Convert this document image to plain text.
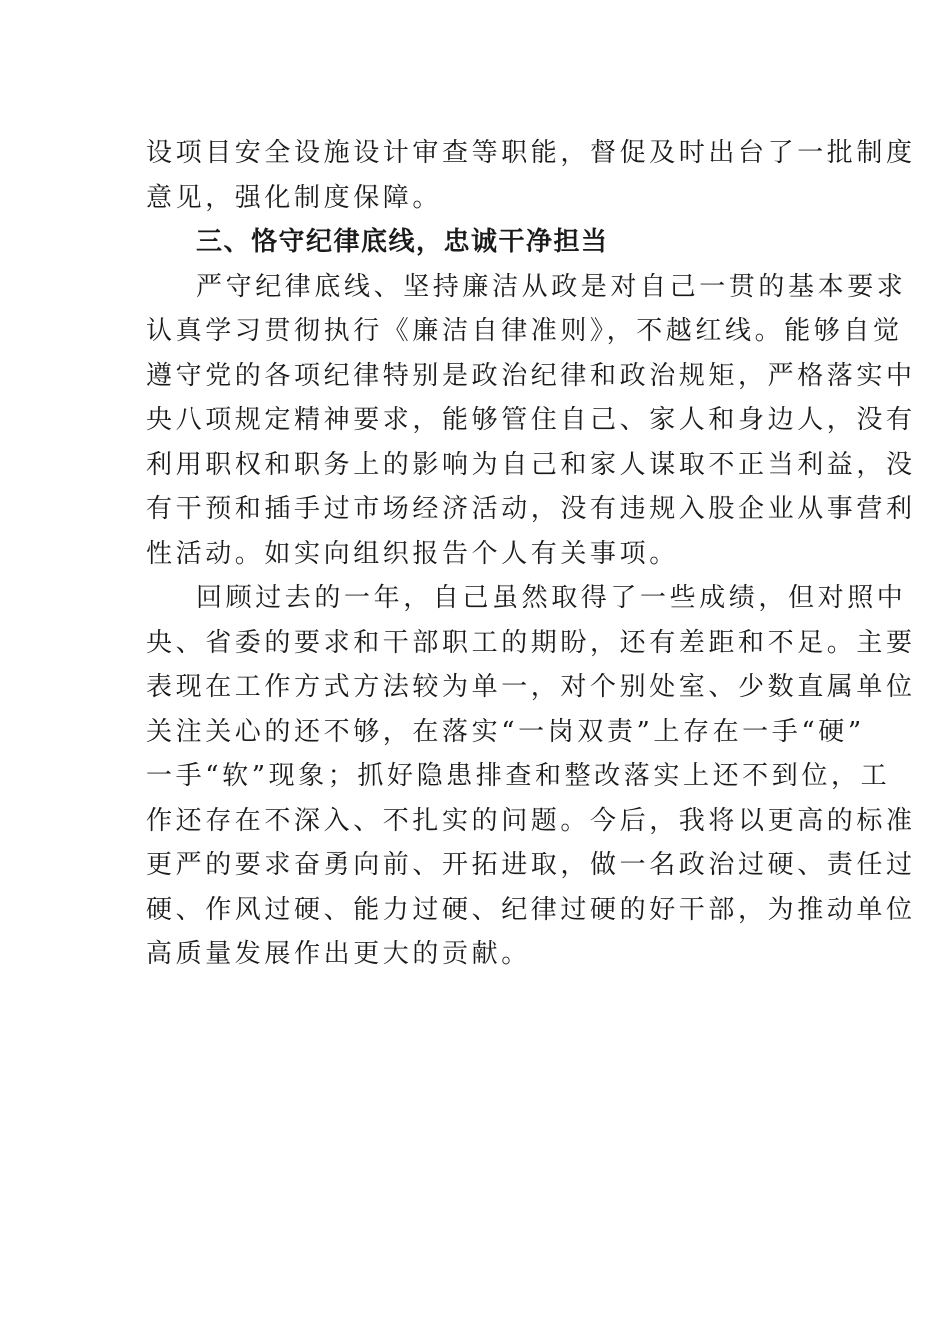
设项目安全设施设计审查等职能，督促及时出台了一批制度
意见，强化制度保障。
三、恪守纪律底线，忠诚干净担当
严守纪律底线、坚持廉洁从政是对自己一贯的基本要求
认真学习贯彻执行《廉洁自律准则》，不越红线。能够自觉
遵守党的各项纪律特别是政治纪律和政治规矩，严格落实中
央八项规定精神要求，能够管住自己、家人和身边人，没有
利用职权和职务上的影响为自己和家人谋取不正当利益，没
有干预和插手过市场经济活动，没有违规入股企业从事营利
性活动。如实向组织报告个人有关事项。
回顾过去的一年，自己虽然取得了一些成绩，但对照中
央、省委的要求和干部职工的期盼，还有差距和不足。主要
表现在工作方式方法较为单一，对个别处室、少数直属单位
关注关心的还不够，在落实“一岗双责”上存在一手“硬”
一手“软”现象；抓好隐患排查和整改落实上还不到位，工
作还存在不深入、不扎实的问题。今后，我将以更高的标准
更严的要求奋勇向前、开拓进取，做一名政治过硬、责任过
硬、作风过硬、能力过硬、纪律过硬的好干部，为推动单位
高质量发展作出更大的贡献。
